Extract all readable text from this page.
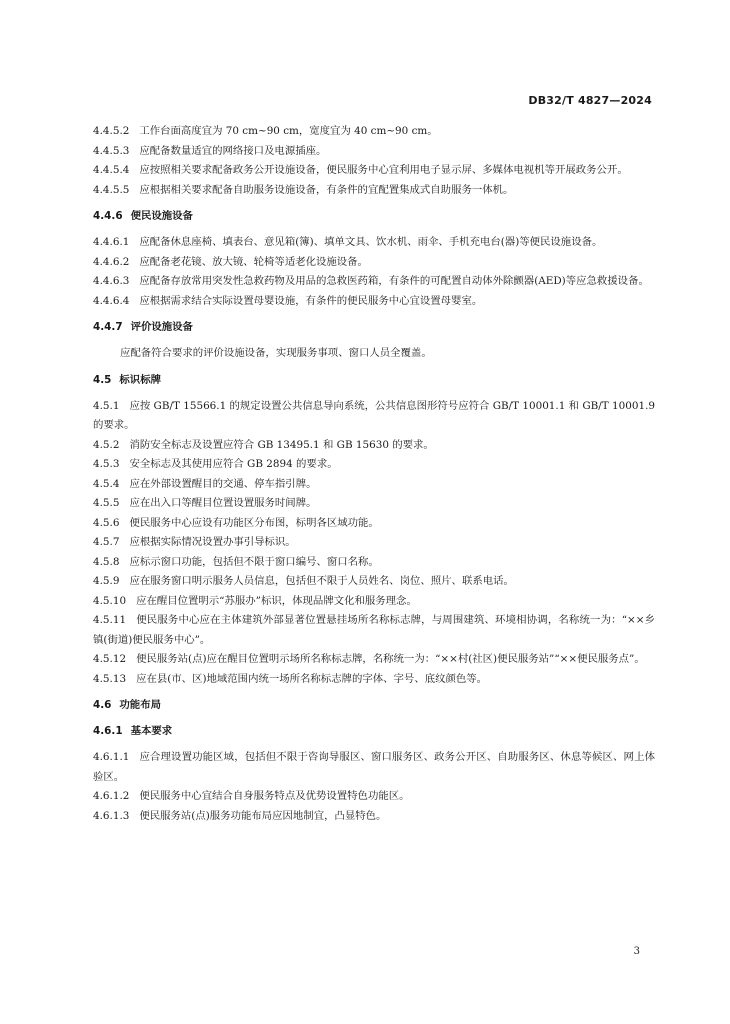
DB32/T 4827—2024
4.4.5.2 工作台面高度宜为 70 cm~90 cm，宽度宜为 40 cm~90 cm。
4.4.5.3 应配备数量适宜的网络接口及电源插座。
4.4.5.4 应按照相关要求配备政务公开设施设备，便民服务中心宜利用电子显示屏、多媒体电视机等开展政务公开。
4.4.5.5 应根据相关要求配备自助服务设施设备，有条件的宜配置集成式自助服务一体机。
4.4.6 便民设施设备
4.4.6.1 应配备休息座椅、填表台、意见箱(簿)、填单文具、饮水机、雨伞、手机充电台(器)等便民设施设备。
4.4.6.2 应配备老花镜、放大镜、轮椅等适老化设施设备。
4.4.6.3 应配备存放常用突发性急救药物及用品的急救医药箱，有条件的可配置自动体外除颤器(AED)等应急救援设备。
4.4.6.4 应根据需求结合实际设置母婴设施，有条件的便民服务中心宜设置母婴室。
4.4.7 评价设施设备
应配备符合要求的评价设施设备，实现服务事项、窗口人员全覆盖。
4.5 标识标牌
4.5.1 应按 GB/T 15566.1 的规定设置公共信息导向系统，公共信息图形符号应符合 GB/T 10001.1 和 GB/T 10001.9 的要求。
4.5.2 消防安全标志及设置应符合 GB 13495.1 和 GB 15630 的要求。
4.5.3 安全标志及其使用应符合 GB 2894 的要求。
4.5.4 应在外部设置醒目的交通、停车指引牌。
4.5.5 应在出入口等醒目位置设置服务时间牌。
4.5.6 便民服务中心应设有功能区分布图，标明各区域功能。
4.5.7 应根据实际情况设置办事引导标识。
4.5.8 应标示窗口功能，包括但不限于窗口编号、窗口名称。
4.5.9 应在服务窗口明示服务人员信息，包括但不限于人员姓名、岗位、照片、联系电话。
4.5.10 应在醒目位置明示“苏服办”标识，体现品牌文化和服务理念。
4.5.11 便民服务中心应在主体建筑外部显著位置悬挂场所名称标志牌，与周围建筑、环境相协调，名称统一为：“××乡镇(街道)便民服务中心”。
4.5.12 便民服务站(点)应在醒目位置明示场所名称标志牌，名称统一为：“××村(社区)便民服务站”“××便民服务点”。
4.5.13 应在县(市、区)地域范围内统一场所名称标志牌的字体、字号、底纹颜色等。
4.6 功能布局
4.6.1 基本要求
4.6.1.1 应合理设置功能区域，包括但不限于咨询导服区、窗口服务区、政务公开区、自助服务区、休息等候区、网上体验区。
4.6.1.2 便民服务中心宜结合自身服务特点及优势设置特色功能区。
4.6.1.3 便民服务站(点)服务功能布局应因地制宜，凸显特色。
3
